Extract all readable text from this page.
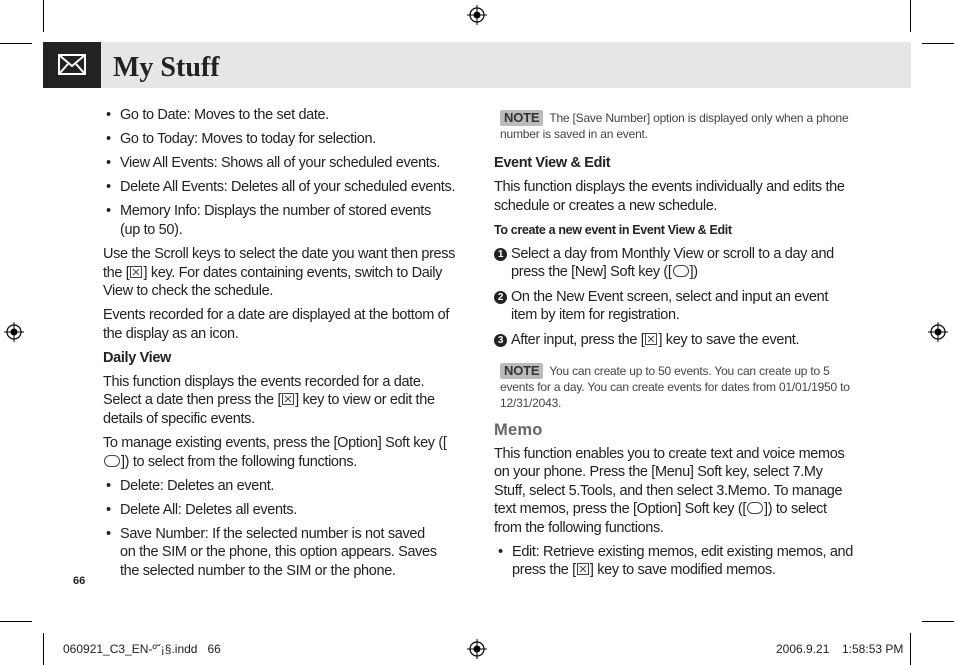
My Stuff

• Go to Date: Moves to the set date.

• Go to Today: Moves to today for selection.

• View All Events: Shows all of your scheduled events.

• Delete All Events: Deletes all of your scheduled events.

• Memory Info: Displays the number of stored events (up to 50).

Use the Scroll keys to select the date you want then press the [ ] key. For dates containing events, switch to Daily View to check the schedule.

Events recorded for a date are displayed at the bottom of the display as an icon.

Daily View

This function displays the events recorded for a date. Select a date then press the [ ] key to view or edit the details of specific events.

To manage existing events, press the [Option] Soft key ([]) to select from the following functions.

• Delete: Deletes an event.

• Delete All: Deletes all events.

• Save Number: If the selected number is not saved on the SIM or the phone, this option appears. Saves the selected number to the SIM or the phone.

66

NOTE The [Save Number] option is displayed only when a phone number is saved in an event.

Event View & Edit

This function displays the events individually and edits the schedule or creates a new schedule.

To create a new event in Event View & Edit

1 Select a day from Monthly View or scroll to a day and press the [New] Soft key ([ ])

2 On the New Event screen, select and input an event item by item for registration.

3 After input, press the [ ] key to save the event.

NOTE You can create up to 50 events. You can create up to 5 events for a day. You can create events for dates from 01/01/1950 to 12/31/2043.

Memo

This function enables you to create text and voice memos on your phone. Press the [Menu] Soft key, select 7.My Stuff, select 5.Tools, and then select 3.Memo. To manage text memos, press the [Option] Soft key ([ ]) to select from the following functions.

• Edit: Retrieve existing memos, edit existing memos, and press the [ ] key to save modified memos.

060921_C3_EN-º˘¡§.indd   66	2006.9.21 1:58:53 PM
